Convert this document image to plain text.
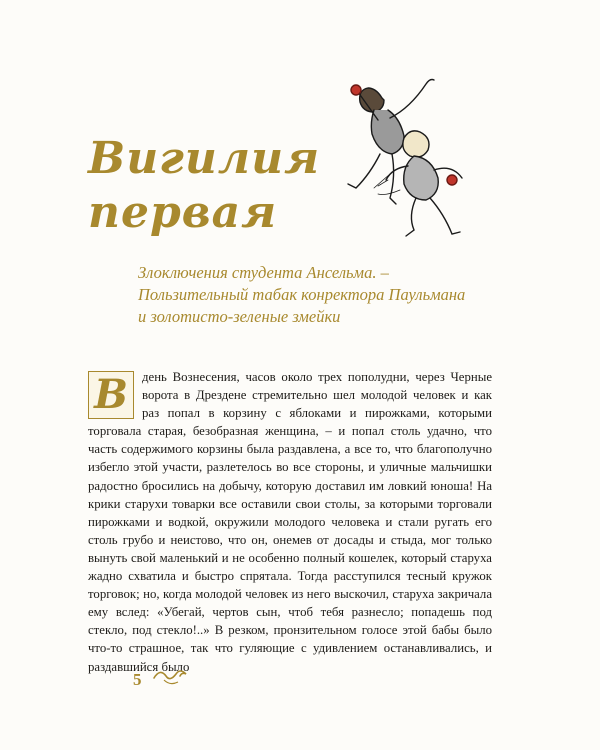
Вигилия
первая
Злоключения студента Ансельма. –
Пользительный табак конректора Паульмана
и золотисто-зеленые змейки
В	день Вознесения, часов около трех пополудни, через Черные ворота в Дрездене стремительно шел молодой человек и как раз попал в корзину с яблоками и пирожками, которыми торговала старая, безобразная женщина, – и попал столь удачно, что часть содержимого корзины была раздавлена, а все то, что благополучно избегло этой участи, разлетелось во все стороны, и уличные мальчишки радостно бросились на добычу, которую доставил им ловкий юноша! На крики старухи товарки все оставили свои столы, за которыми торговали пирожками и водкой, окружили молодого человека и стали ругать его столь грубо и неистово, что он, онемев от досады и стыда, мог только вынуть свой маленький и не особенно полный кошелек, который старуха жадно схватила и быстро спрятала. Тогда расступился тесный кружок торговок; но, когда молодой человек из него выскочил, старуха закричала ему вслед: «Убегай, чертов сын, чтоб тебя разнесло; попадешь под стекло, под стекло!..» В резком, пронзительном голосе этой бабы было что-то страшное, так что гуляющие с удивлением останавливались, и раздавшийся было
5
